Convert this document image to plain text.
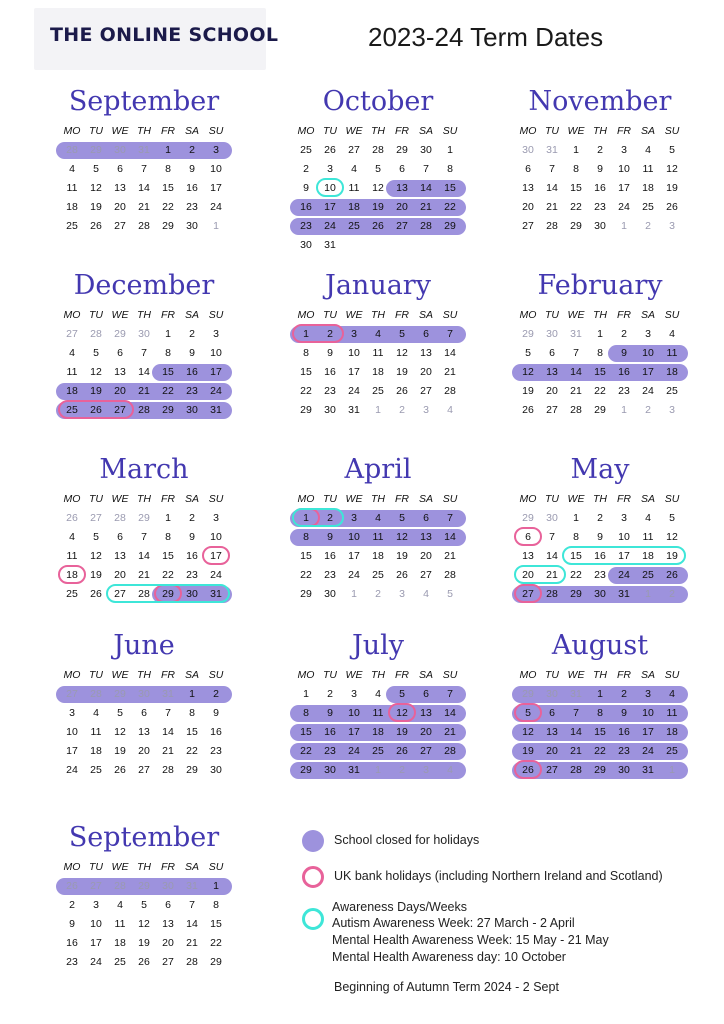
THE ONLINE SCHOOL	2023-24 Term Dates
September
MO TU WE TH FR SA SU
28	29	30	31	1	2	3
4	5	6	7	8	9	10
11	12	13	14	15	16	17
18	19	20	21	22	23	24
25	26	27	28	29	30	1
October
MO TU WE TH FR SA SU
25	26	27	28	29	30	1
2	3	4	5	6	7	8
9	10	11	12	13	14	15
16	17	18	19	20	21	22
23	24	25	26	27	28	29
30	31
November
MO TU WE TH FR SA SU
30	31	1	2	3	4	5
6	7	8	9	10	11	12
13	14	15	16	17	18	19
20	21	22	23	24	25	26
27	28	29	30	1	2	3
December
MO TU WE TH FR SA SU
27	28	29	30	1	2	3
4	5	6	7	8	9	10
11	12	13	14	15	16	17
18	19	20	21	22	23	24
25	26	27	28	29	30	31
January
MO TU WE TH FR SA SU
1	2	3	4	5	6	7
8	9	10	11	12	13	14
15	16	17	18	19	20	21
22	23	24	25	26	27	28
29	30	31	1	2	3	4
February
MO TU WE TH FR SA SU
29	30	31	1	2	3	4
5	6	7	8	9	10	11
12	13	14	15	16	17	18
19	20	21	22	23	24	25
26	27	28	29	1	2	3
March
MO TU WE TH FR SA SU
26	27	28	29	1	2	3
4	5	6	7	8	9	10
11	12	13	14	15	16	17
18	19	20	21	22	23	24
25	26	27	28	29	30	31
April
MO TU WE TH FR SA SU
1	2	3	4	5	6	7
8	9	10	11	12	13	14
15	16	17	18	19	20	21
22	23	24	25	26	27	28
29	30	1	2	3	4	5
May
MO TU WE TH FR SA SU
29	30	1	2	3	4	5
6	7	8	9	10	11	12
13	14	15	16	17	18	19
20	21	22	23	24	25	26
27	28	29	30	31	1	2
June
MO TU WE TH FR SA SU
27	28	29	30	31	1	2
3	4	5	6	7	8	9
10	11	12	13	14	15	16
17	18	19	20	21	22	23
24	25	26	27	28	29	30
July
MO TU WE TH FR SA SU
1	2	3	4	5	6	7
8	9	10	11	12	13	14
15	16	17	18	19	20	21
22	23	24	25	26	27	28
29	30	31	1	2	3	4
August
MO TU WE TH FR SA SU
29	30	31	1	2	3	4
5	6	7	8	9	10	11
12	13	14	15	16	17	18
19	20	21	22	23	24	25
26	27	28	29	30	31	1
September
MO TU WE TH FR SA SU
26	27	28	29	30	31	1
2	3	4	5	6	7	8
9	10	11	12	13	14	15
16	17	18	19	20	21	22
23	24	25	26	27	28	29
School closed for holidays
UK bank holidays (including Northern Ireland and Scotland)
Awareness Days/Weeks
Autism Awareness Week: 27 March - 2 April
Mental Health Awareness Week: 15 May - 21 May
Mental Health Awareness day: 10 October
Beginning of Autumn Term 2024 - 2 Sept
